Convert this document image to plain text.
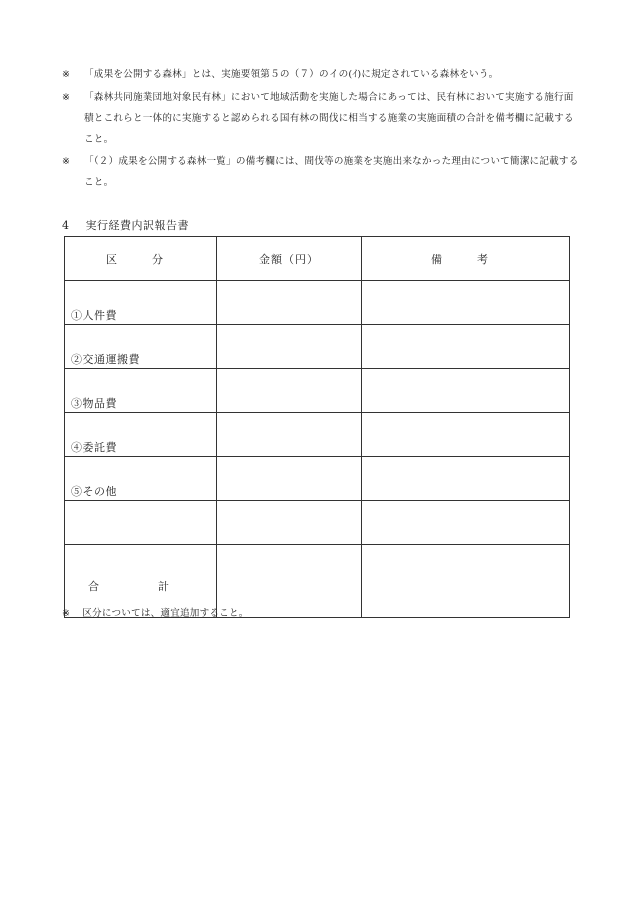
※ 「成果を公開する森林」とは、実施要領第５の（７）のイの(ｲ)に規定されている森林をいう。
※ 「森林共同施業団地対象民有林」において地域活動を実施した場合にあっては、民有林において実施する施行面積とこれらと一体的に実施すると認められる国有林の間伐に相当する施業の実施面積の合計を備考欄に記載すること。
※ 「（２）成果を公開する森林一覧」の備考欄には、間伐等の施業を実施出来なかった理由について簡潔に記載すること。
4 実行経費内訳報告書
区　分	金額（円）	備　考
①人件費		
②交通運搬費		
③物品費		
④委託費		
⑤その他		

合　計		
※ 区分については、適宜追加すること。
